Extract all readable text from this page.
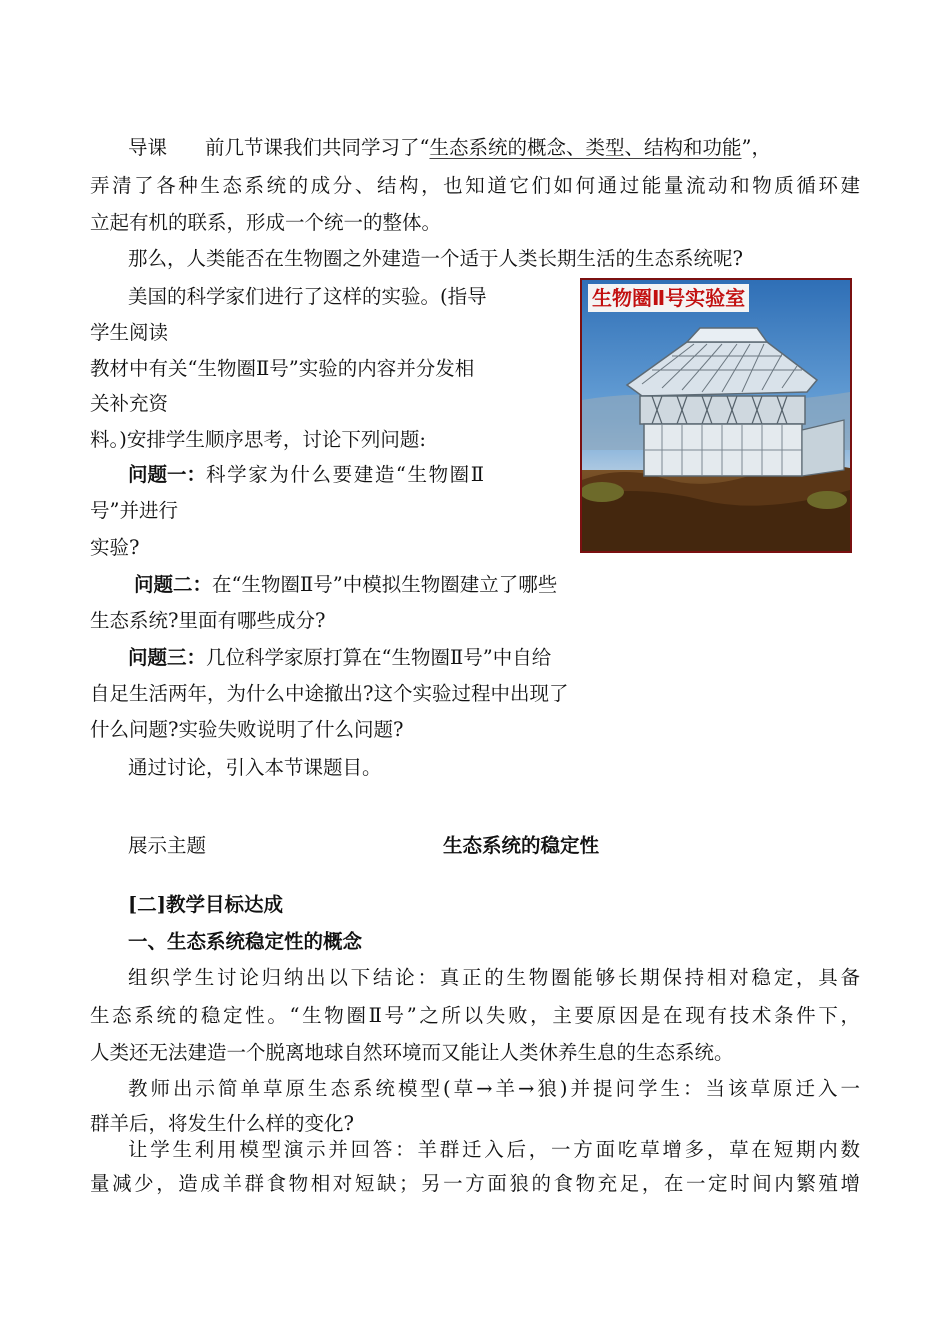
导课 前几节课我们共同学习了“生态系统的概念、类型、结构和功能”，
弄清了各种生态系统的成分、结构，也知道它们如何通过能量流动和物质循环建
立起有机的联系，形成一个统一的整体。
那么，人类能否在生物圈之外建造一个适于人类长期生活的生态系统呢?
美国的科学家们进行了这样的实验。(指导
学生阅读
教材中有关“生物圈Ⅱ号”实验的内容并分发相
关补充资
料。)安排学生顺序思考，讨论下列问题:
问题一：科学家为什么要建造“生物圈Ⅱ
号”并进行
实验?
问题二：在“生物圈Ⅱ号”中模拟生物圈建立了哪些
生态系统?里面有哪些成分?
问题三：几位科学家原打算在“生物圈Ⅱ号”中自给
自足生活两年，为什么中途撤出?这个实验过程中出现了
什么问题?实验失败说明了什么问题?
通过讨论，引入本节课题目。
展示主题	生态系统的稳定性
[二]教学目标达成
一、生态系统稳定性的概念
组织学生讨论归纳出以下结论：真正的生物圈能够长期保持相对稳定，具备
生态系统的稳定性。“生物圈Ⅱ号”之所以失败，主要原因是在现有技术条件下，
人类还无法建造一个脱离地球自然环境而又能让人类休养生息的生态系统。
教师出示简单草原生态系统模型(草→羊→狼)并提问学生：当该草原迁入一
群羊后，将发生什么样的变化?
让学生利用模型演示并回答：羊群迁入后，一方面吃草增多，草在短期内数
量减少，造成羊群食物相对短缺；另一方面狼的食物充足，在一定时间内繁殖增
生物圈Ⅱ号实验室
